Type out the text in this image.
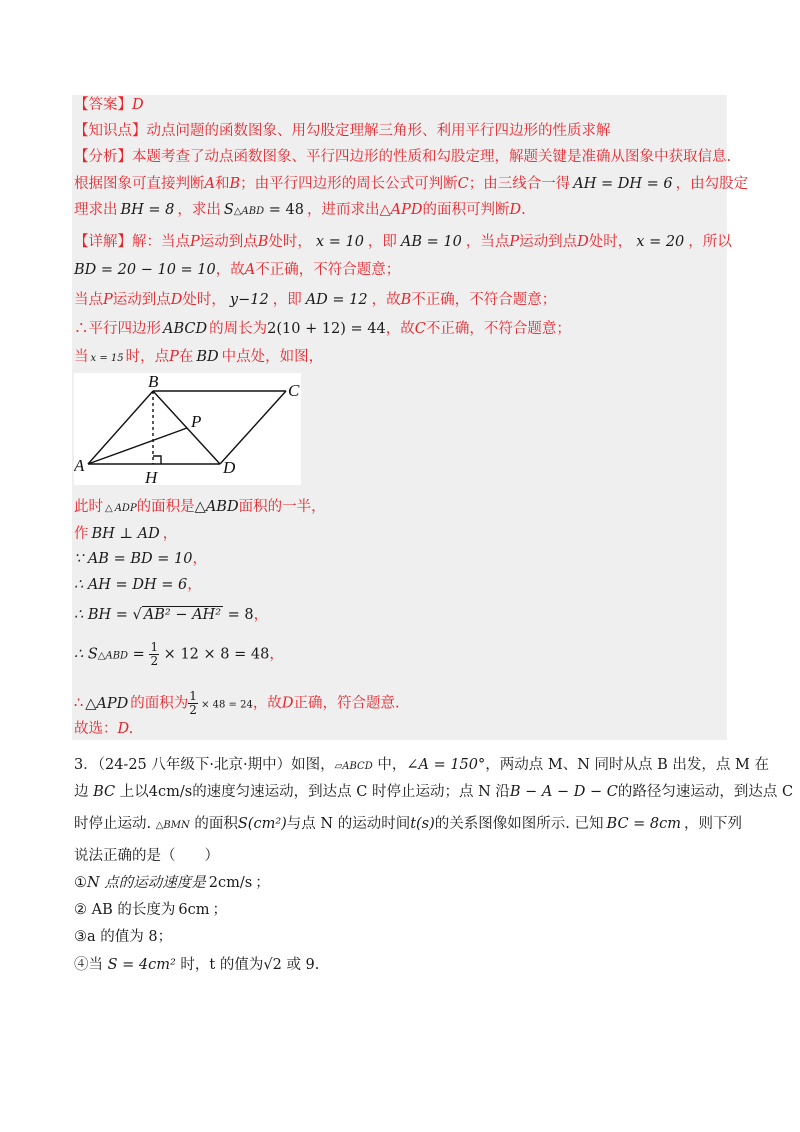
【答案】D
【知识点】动点问题的函数图象、用勾股定理解三角形、利用平行四边形的性质求解
【分析】本题考查了动点函数图象、平行四边形的性质和勾股定理，解题关键是准确从图象中获取信息.
根据图象可直接判断A和B；由平行四边形的周长公式可判断C；由三线合一得 AH = DH = 6 ，由勾股定
理求出 BH = 8 ，求出 S△ABD = 48 ，进而求出△APD的面积可判断D.
【详解】解：当点P运动到点B处时， x = 10 ，即 AB = 10 ，当点P运动到点D处时， x = 20 ，所以
BD = 20 − 10 = 10，故A不正确，不符合题意；
当点P运动到点D处时， y−12 ，即 AD = 12 ，故B不正确，不符合题意；
∴平行四边形 ABCD 的周长为2(10 + 12) = 44，故C不正确，不符合题意；
当 x = 15 时，点P在 BD 中点处，如图，
A
B	C
D
P
H
此时 △ ADP的面积是△ABD面积的一半，
作 BH ⊥ AD ，
∵ AB = BD = 10，
∴ AH = DH = 6，
∴ BH = √ AB² − AH² = 8，
∴ S△ABD = $\frac{1}{2} \times 12 \times 8 = 48$，
∴ △APD 的面积为 $\frac{1}{2} \times 48 = 24$，故D正确，符合题意.
故选：D.
3．（24-25 八年级下·北京·期中）如图，▱ABCD 中，∠A = 150°，两动点 M、N 同时从点 B 出发，点 M 在
边 BC 上以4cm/s的速度匀速运动，到达点 C 时停止运动；点 N 沿B − A − D − C的路径匀速运动，到达点 C
时停止运动. △BMN 的面积S(cm²)与点 N 的运动时间t(s)的关系图像如图所示. 已知 BC = 8cm ，则下列
说法正确的是（　　）
①N 点的运动速度是 2cm/s ；
② AB 的长度为 6cm ；
③a 的值为 8；
④当 S = 4cm² 时，t 的值为√2 或 9.
